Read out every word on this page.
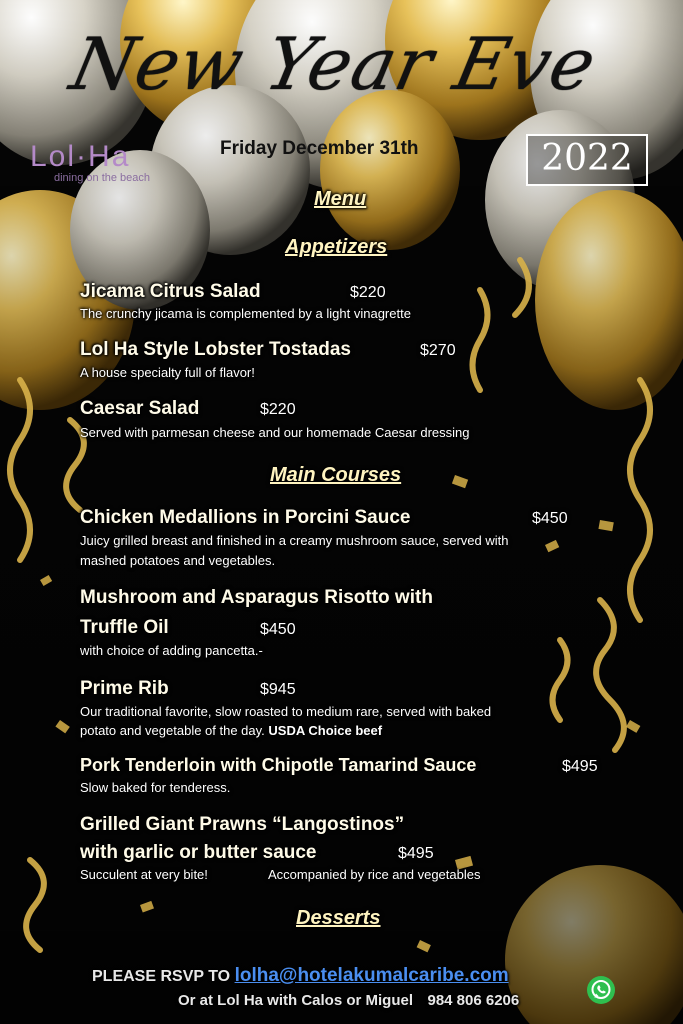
New Year Eve
Lol·Ha
dining on the beach
Friday December 31th	2022
Menu
Appetizers
Jicama Citrus Salad	$220
The crunchy jicama is complemented by a light vinagrette
Lol Ha Style Lobster Tostadas	$270
A house specialty full of flavor!
Caesar Salad	$220
Served with parmesan cheese and our homemade Caesar dressing
Main Courses
Chicken Medallions in Porcini Sauce	$450
Juicy grilled breast and finished in a creamy mushroom sauce, served with
mashed potatoes and vegetables.
Mushroom and Asparagus Risotto with
Truffle Oil	$450
with choice of adding pancetta.-
Prime Rib	$945
Our traditional favorite, slow roasted to medium rare, served with baked
potato and vegetable of the day. USDA Choice beef
Pork Tenderloin with Chipotle Tamarind Sauce	$495
Slow baked for tenderess.
Grilled Giant Prawns “Langostinos”
with garlic or butter sauce	$495
Succulent at very bite!	Accompanied by rice and vegetables
Desserts
PLEASE RSVP TO lolha@hotelakumalcaribe.com
Or at Lol Ha with Calos or Miguel 984 806 6206
